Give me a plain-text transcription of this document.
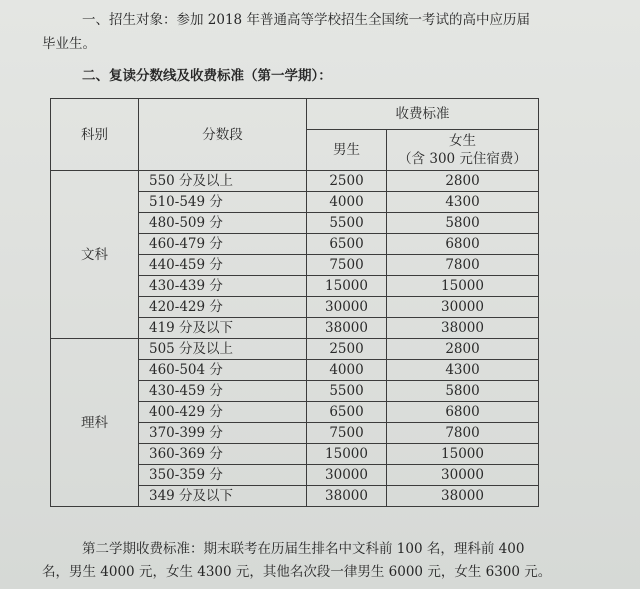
一、招生对象：参加 2018 年普通高等学校招生全国统一考试的高中应历届
毕业生。
二、复读分数线及收费标准（第一学期）：
科别	分数段	收费标准	
		男生	女生
（含 300 元住宿费）

文科	550 分及以上	2500	2800
	510-549 分	4000	4300
	480-509 分	5500	5800
	460-479 分	6500	6800
	440-459 分	7500	7800
	430-439 分	15000	15000
	420-429 分	30000	30000
	419 分及以下	38000	38000
理科	505 分及以上	2500	2800
	460-504 分	4000	4300
	430-459 分	5500	5800
	400-429 分	6500	6800
	370-399 分	7500	7800
	360-369 分	15000	15000
	350-359 分	30000	30000
	349 分及以下	38000	38000
第二学期收费标准：期末联考在历届生排名中文科前 100 名，理科前 400
名，男生 4000 元，女生 4300 元，其他名次段一律男生 6000 元，女生 6300 元。
